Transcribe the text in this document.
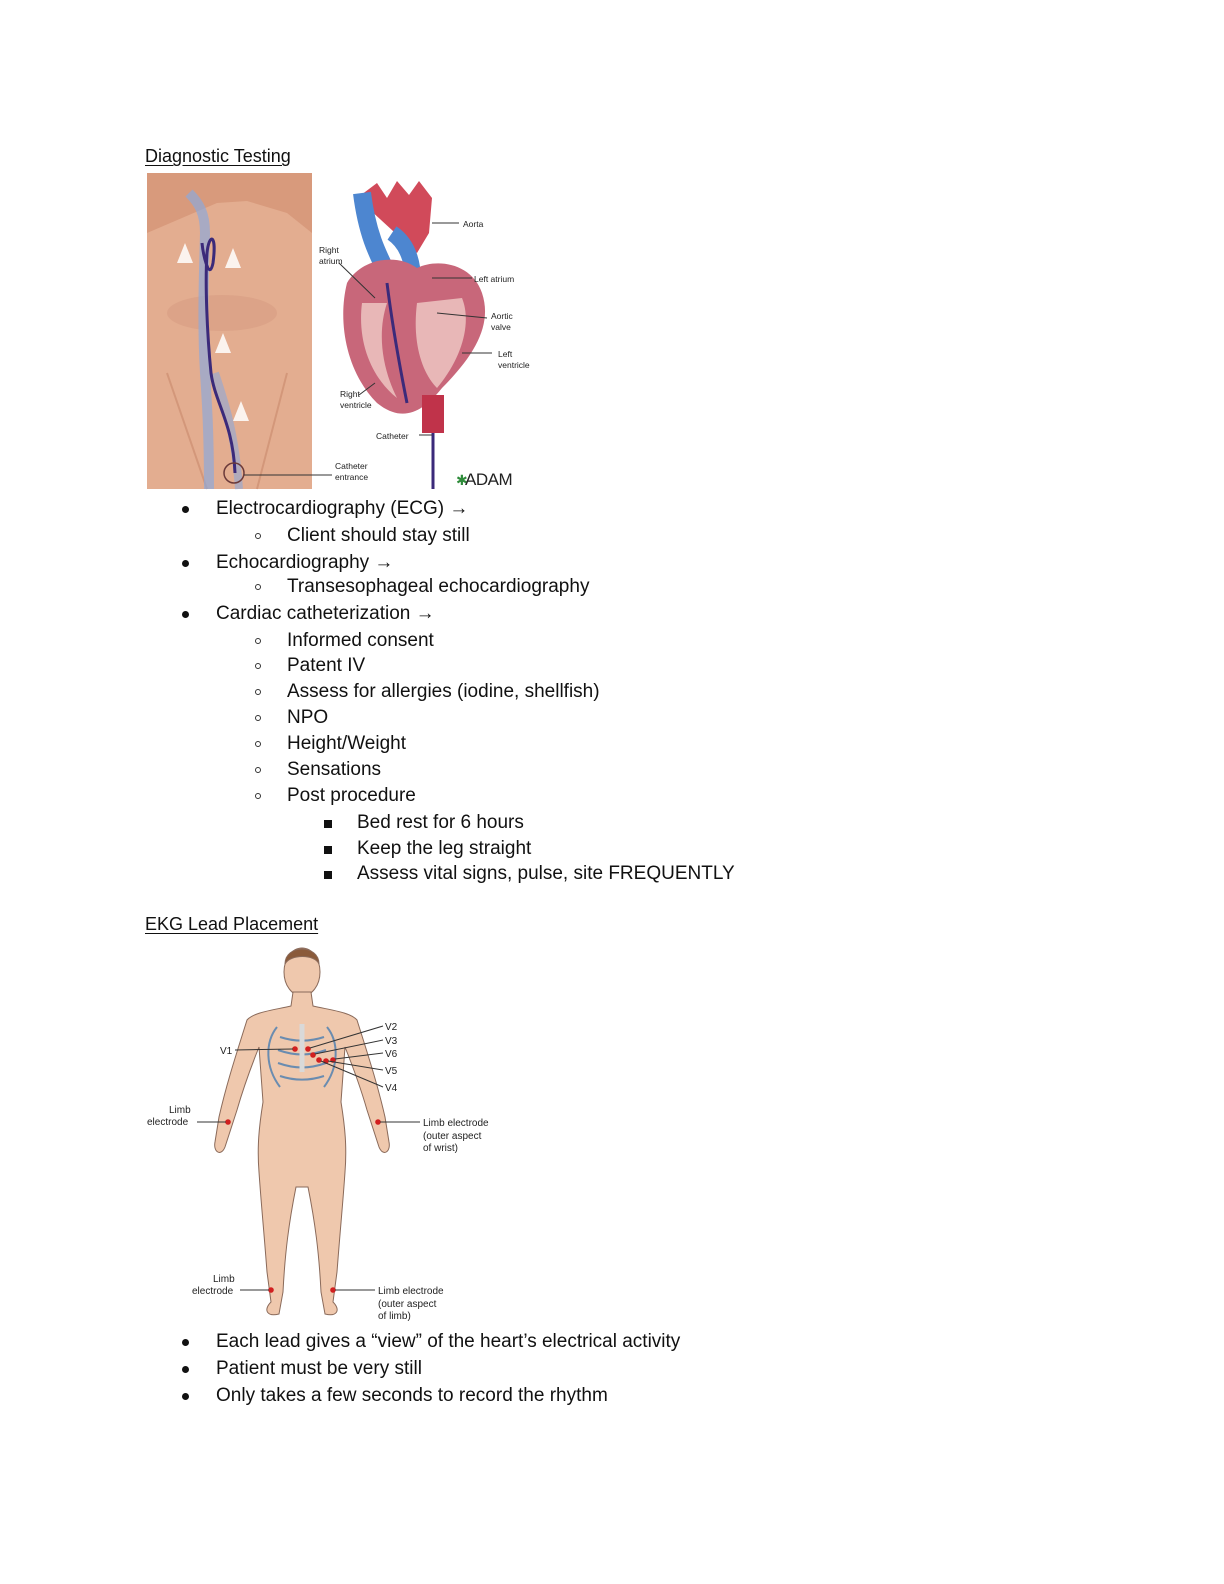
Diagnostic Testing
Aorta
Right
atrium
Left atrium
Aortic
valve
Left
ventricle
Right
ventricle
Catheter
Catheter
entrance	ADAM
✱
Electrocardiography (ECG) →
Client should stay still
Echocardiography →
Transesophageal echocardiography
Cardiac catheterization →
Informed consent
Patent IV
Assess for allergies (iodine, shellfish)
NPO
Height/Weight
Sensations
Post procedure
Bed rest for 6 hours
Keep the leg straight
Assess vital signs, pulse, site FREQUENTLY
EKG Lead Placement
V1
V2
V3
V6
V5
V4
Limb
electrode	Limb electrode
(outer aspect
of wrist)
Limb
electrode	Limb electrode
(outer aspect
of limb)
Each lead gives a “view” of the heart’s electrical activity
Patient must be very still
Only takes a few seconds to record the rhythm
